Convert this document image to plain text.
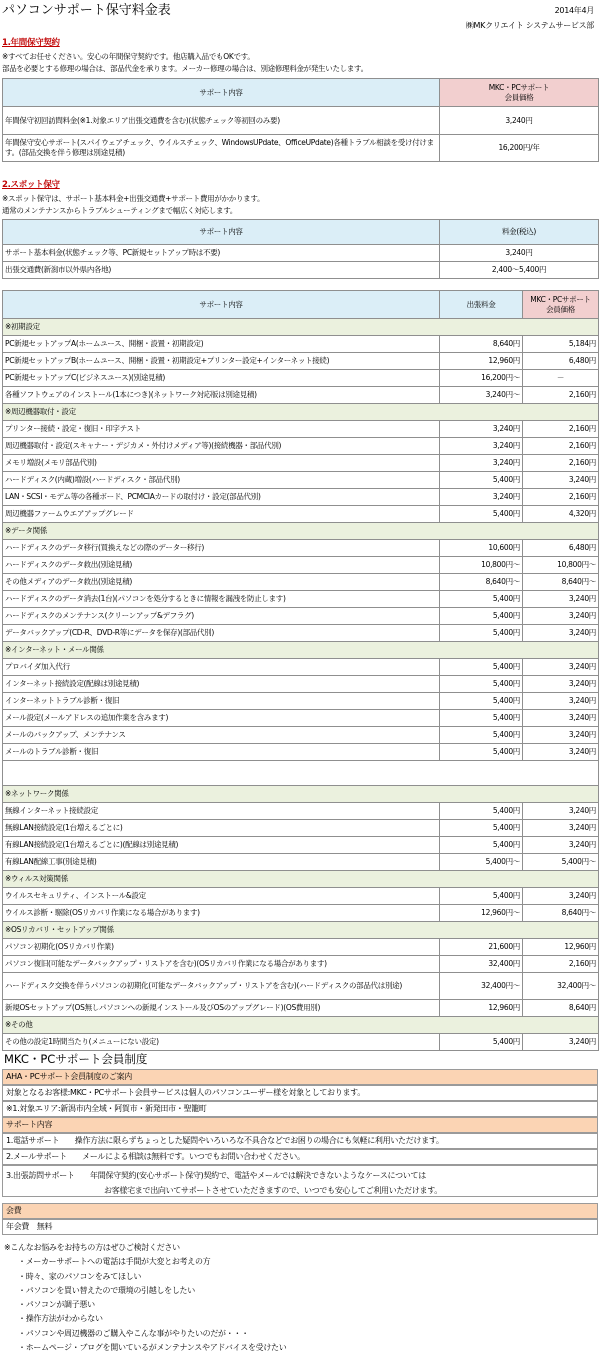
パソコンサポート保守料金表	2014年4月
㈱MKクリエイト システムサービス部
1.年間保守契約
※すべてお任せください。安心の年間保守契約です。他店購入品でもOKです。
部品を必要とする修理の場合は、部品代金を承ります。メーカー修理の場合は、別途修理料金が発生いたします。
サポート内容	MKC・PCサポート
会員価格

年間保守初回訪問料金(※1.対象エリア出張交通費を含む)(状態チェック等初回のみ要)	3,240円
年間保守安心サポート(スパイウェアチェック、ウイルスチェック、WindowsUPdate、OfficeUPdate)各種トラブル相談を受け付けます。(部品交換を伴う修理は別途見積)	16,200円/年
2.スポット保守
※スポット保守は、サポート基本料金+出張交通費+サポート費用がかかります。
通常のメンテナンスからトラブルシューティングまで幅広く対応します。
サポート内容	料金(税込)
サポート基本料金(状態チェック等、PC新規セットアップ時は不要)	3,240円
出張交通費(新潟市以外県内各地)	2,400～5,400円
サポート内容	出張料金	MKC・PCサポート
会員価格

※初期設定		
PC新規セットアップA(ホームユース、開梱・設置・初期設定)	8,640円	5,184円
PC新規セットアップB(ホームユース、開梱・設置・初期設定+プリンター設定+インターネット接続)	12,960円	6,480円
PC新規セットアップC(ビジネスユース)(別途見積)	16,200円～	－
各種ソフトウェアのインストール(1本につき)(ネットワーク対応版は別途見積)	3,240円～	2,160円
※周辺機器取付・設定		
プリンター接続・設定・復旧・印字テスト	3,240円	2,160円
周辺機器取付・設定(スキャナー・デジカメ・外付けメディア等)(接続機器・部品代別)	3,240円	2,160円
メモリ増設(メモリ部品代別)	3,240円	2,160円
ハードディスク(内蔵)増設(ハードディスク・部品代別)	5,400円	3,240円
LAN・SCSI・モデム等の各種ボード、PCMCIAカードの取付け・設定(部品代別)	3,240円	2,160円
周辺機器ファームウエアアップグレード	5,400円	4,320円
※データ関係		
ハードディスクのデータ移行(買換えなどの際のデーター移行)	10,600円	6,480円
ハードディスクのデータ救出(別途見積)	10,800円～	10,800円～
その他メディアのデータ救出(別途見積)	8,640円～	8,640円～
ハードディスクのデータ消去(1台)(パソコンを処分するときに情報を漏洩を防止します)	5,400円	3,240円
ハードディスクのメンテナンス(クリーンアップ&デフラグ)	5,400円	3,240円
データバックアップ(CD-R、DVD-R等にデータを保存)(部品代別)	5,400円	3,240円
※インターネット・メール関係		
プロバイダ加入代行	5,400円	3,240円
インターネット接続設定(配線は別途見積)	5,400円	3,240円
インターネットトラブル診断・復旧	5,400円	3,240円
メール設定(メールアドレスの追加作業を含みます)	5,400円	3,240円
メールのバックアップ、メンテナンス	5,400円	3,240円
メールのトラブル診断・復旧	5,400円	3,240円

※ネットワーク関係		
無線インターネット接続設定	5,400円	3,240円
無線LAN接続設定(1台増えるごとに)	5,400円	3,240円
有線LAN接続設定(1台増えるごとに)(配線は別途見積)	5,400円	3,240円
有線LAN配線工事(別途見積)	5,400円～	5,400円～
※ウィルス対策関係		
ウイルスセキュリティ、インストール&設定	5,400円	3,240円
ウイルス診断・駆除(OSリカバリ作業になる場合があります)	12,960円～	8,640円～
※OSリカバリ・セットアップ関係		
パソコン初期化(OSリカバリ作業)	21,600円	12,960円
パソコン復旧(可能なデータバックアップ・リストアを含む)(OSリカバリ作業になる場合があります)	32,400円	2,160円
ハードディスク交換を伴うパソコンの初期化(可能なデータバックアップ・リストアを含む)(ハードディスクの部品代は別途)	32,400円～	32,400円～
新規OSセットアップ(OS無しパソコンへの新規インストール及びOSのアップグレード)(OS費用別)	12,960円	8,640円
※その他		
その他の設定1時間当たり(メニューにない設定)	5,400円	3,240円
MKC・PCサポート会員制度
AHA・PCサポート会員制度のご案内
対象となるお客様:MKC・PCサポート会員サービスは個人のパソコンユーザー様を対象としております。
※1.対象エリア:新潟市内全域・阿賀市・新発田市・聖籠町
サポート内容
1.電話サポート　　操作方法に限らずちょっとした疑問やいろいろな不具合などでお困りの場合にも気軽に利用いただけます。
2.メールサポート　　メールによる相談は無料です。いつでもお問い合わせください。
3.出張訪問サポート　　年間保守契約(安心サポート保守)契約で、電話やメールでは解決できないようなケースについては
お客様宅まで出向いてサポートさせていただきますので、いつでも安心してご利用いただけます。
会費
年会費　無料
※こんなお悩みをお持ちの方はぜひご検討ください
・メーカーサポートへの電話は手間が大変とお考えの方
・時々、家のパソコンをみてほしい
・パソコンを買い替えたので環境の引越しをしたい
・パソコンが調子悪い
・操作方法がわからない
・パソコンや周辺機器のご購入やこんな事がやりたいのだが・・・
・ホームページ・ブログを開いているがメンテナンスやアドバイスを受けたい
